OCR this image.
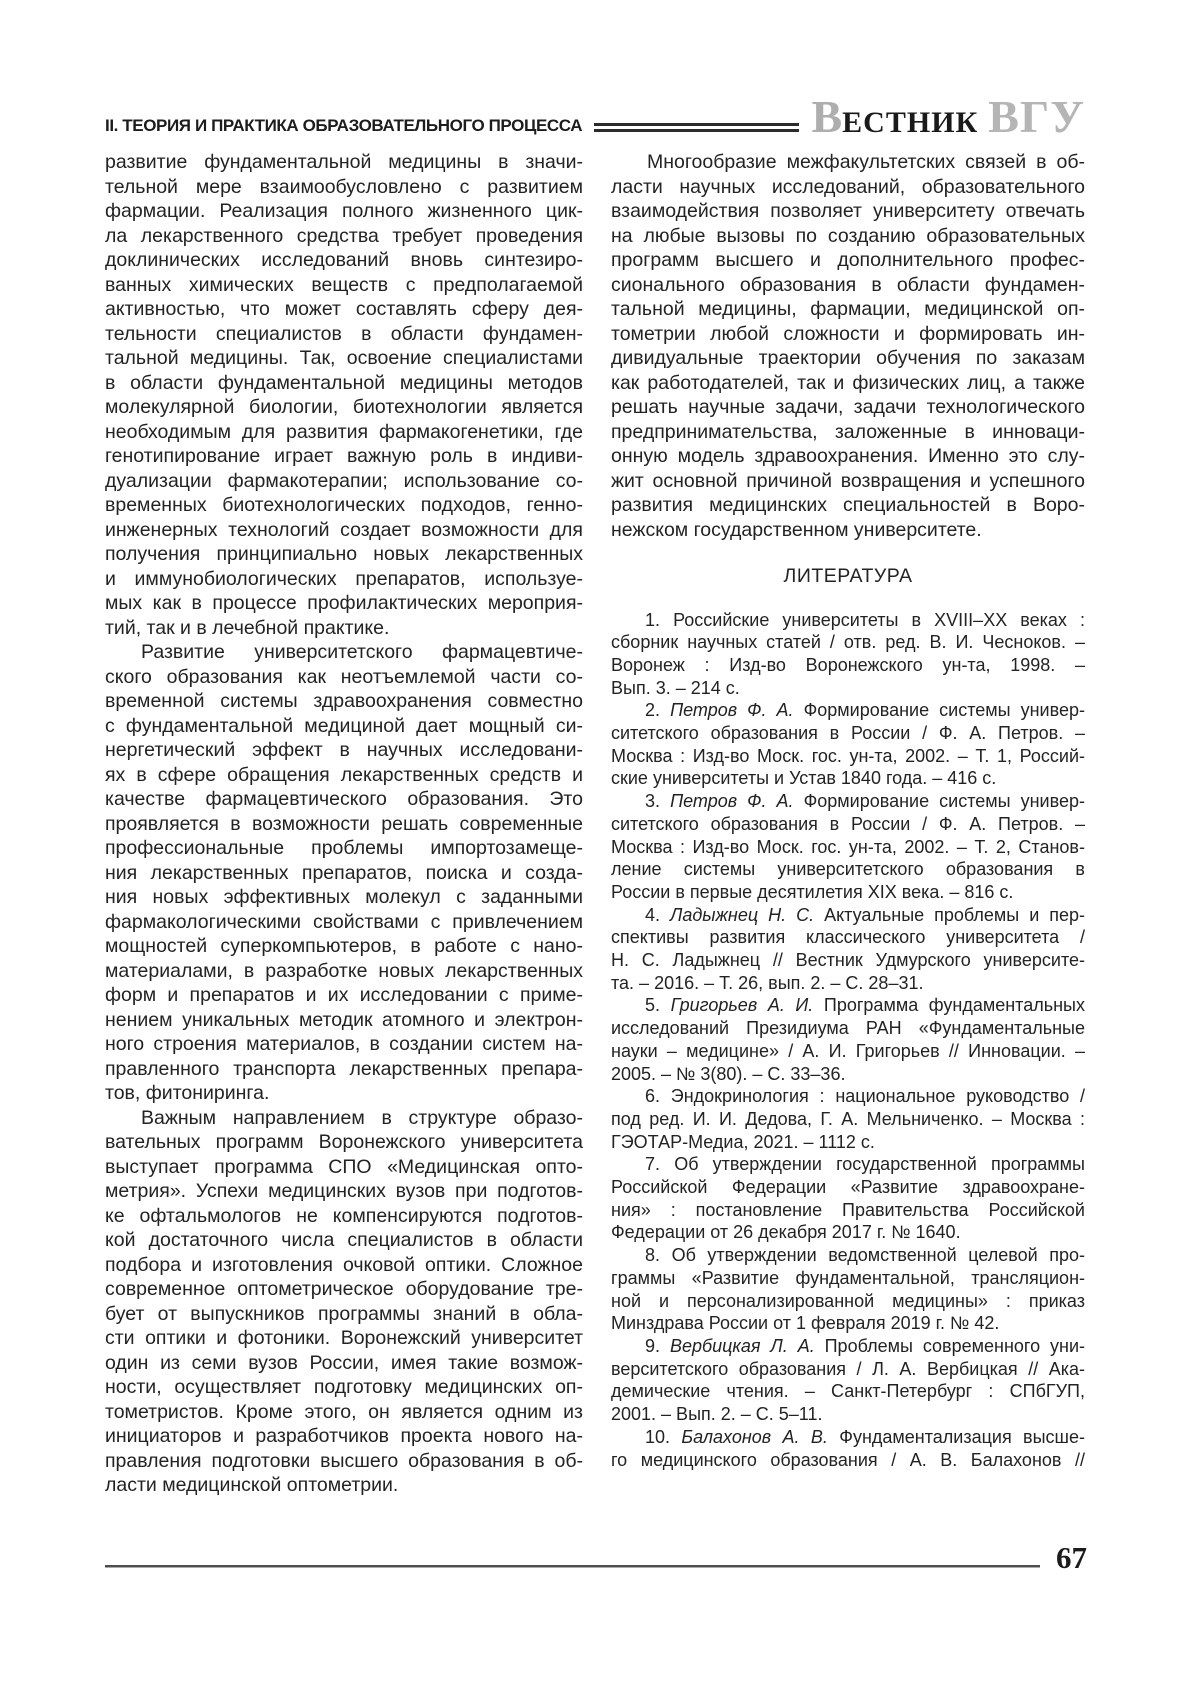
II. ТЕОРИЯ И ПРАКТИКА ОБРАЗОВАТЕЛЬНОГО ПРОЦЕССА	ВЕСТНИК ВГУ
развитие фундаментальной медицины в значи-
тельной мере взаимообусловлено с развитием
фармации. Реализация полного жизненного цик-
ла лекарственного средства требует проведения
доклинических исследований вновь синтезиро-
ванных химических веществ с предполагаемой
активностью, что может составлять сферу дея-
тельности специалистов в области фундамен-
тальной медицины. Так, освоение специалистами
в области фундаментальной медицины методов
молекулярной биологии, биотехнологии является
необходимым для развития фармакогенетики, где
генотипирование играет важную роль в индиви-
дуализации фармакотерапии; использование со-
временных биотехнологических подходов, генно-
инженерных технологий создает возможности для
получения принципиально новых лекарственных
и иммунобиологических препаратов, используе-
мых как в процессе профилактических мероприя-
тий, так и в лечебной практике.
Развитие университетского фармацевтиче-
ского образования как неотъемлемой части со-
временной системы здравоохранения совместно
с фундаментальной медициной дает мощный си-
нергетический эффект в научных исследовани-
ях в сфере обращения лекарственных средств и
качестве фармацевтического образования. Это
проявляется в возможности решать современные
профессиональные проблемы импортозамеще-
ния лекарственных препаратов, поиска и созда-
ния новых эффективных молекул с заданными
фармакологическими свойствами с привлечением
мощностей суперкомпьютеров, в работе с нано-
материалами, в разработке новых лекарственных
форм и препаратов и их исследовании с приме-
нением уникальных методик атомного и электрон-
ного строения материалов, в создании систем на-
правленного транспорта лекарственных препара-
тов, фитониринга.
Важным направлением в структуре образо-
вательных программ Воронежского университета
выступает программа СПО «Медицинская опто-
метрия». Успехи медицинских вузов при подготов-
ке офтальмологов не компенсируются подготов-
кой достаточного числа специалистов в области
подбора и изготовления очковой оптики. Сложное
современное оптометрическое оборудование тре-
бует от выпускников программы знаний в обла-
сти оптики и фотоники. Воронежский университет
один из семи вузов России, имея такие возмож-
ности, осуществляет подготовку медицинских оп-
тометристов. Кроме этого, он является одним из
инициаторов и разработчиков проекта нового на-
правления подготовки высшего образования в об-
ласти медицинской оптометрии.
Многообразие межфакультетских связей в об-
ласти научных исследований, образовательного
взаимодействия позволяет университету отвечать
на любые вызовы по созданию образовательных
программ высшего и дополнительного профес-
сионального образования в области фундамен-
тальной медицины, фармации, медицинской оп-
тометрии любой сложности и формировать ин-
дивидуальные траектории обучения по заказам
как работодателей, так и физических лиц, а также
решать научные задачи, задачи технологического
предпринимательства, заложенные в инноваци-
онную модель здравоохранения. Именно это слу-
жит основной причиной возвращения и успешного
развития медицинских специальностей в Воро-
нежском государственном университете.
ЛИТЕРАТУРА
1. Российские университеты в XVIII–XX веках :
сборник научных статей / отв. ред. В. И. Чесноков. –
Воронеж : Изд-во Воронежского ун-та, 1998. –
Вып. 3. – 214 с.
2. Петров Ф. А. Формирование системы универ-
ситетского образования в России / Ф. А. Петров. –
Москва : Изд-во Моск. гос. ун-та, 2002. – Т. 1, Россий-
ские университеты и Устав 1840 года. – 416 с.
3. Петров Ф. А. Формирование системы универ-
ситетского образования в России / Ф. А. Петров. –
Москва : Изд-во Моск. гос. ун-та, 2002. – Т. 2, Станов-
ление системы университетского образования в
России в первые десятилетия XIX века. – 816 с.
4. Ладыжнец Н. С. Актуальные проблемы и пер-
спективы развития классического университета /
Н. С. Ладыжнец // Вестник Удмурского университе-
та. – 2016. – Т. 26, вып. 2. – С. 28–31.
5. Григорьев А. И. Программа фундаментальных
исследований Президиума РАН «Фундаментальные
науки – медицине» / А. И. Григорьев // Инновации. –
2005. – № 3(80). – С. 33–36.
6. Эндокринология : национальное руководство /
под ред. И. И. Дедова, Г. А. Мельниченко. – Москва :
ГЭОТАР-Медиа, 2021. – 1112 с.
7. Об утверждении государственной программы
Российской Федерации «Развитие здравоохране-
ния» : постановление Правительства Российской
Федерации от 26 декабря 2017 г. № 1640.
8. Об утверждении ведомственной целевой про-
граммы «Развитие фундаментальной, трансляцион-
ной и персонализированной медицины» : приказ
Минздрава России от 1 февраля 2019 г. № 42.
9. Вербицкая Л. А. Проблемы современного уни-
верситетского образования / Л. А. Вербицкая // Ака-
демические чтения. – Санкт-Петербург : СПбГУП,
2001. – Вып. 2. – С. 5–11.
10. Балахонов А. В. Фундаментализация высше-
го медицинского образования / А. В. Балахонов //
67
